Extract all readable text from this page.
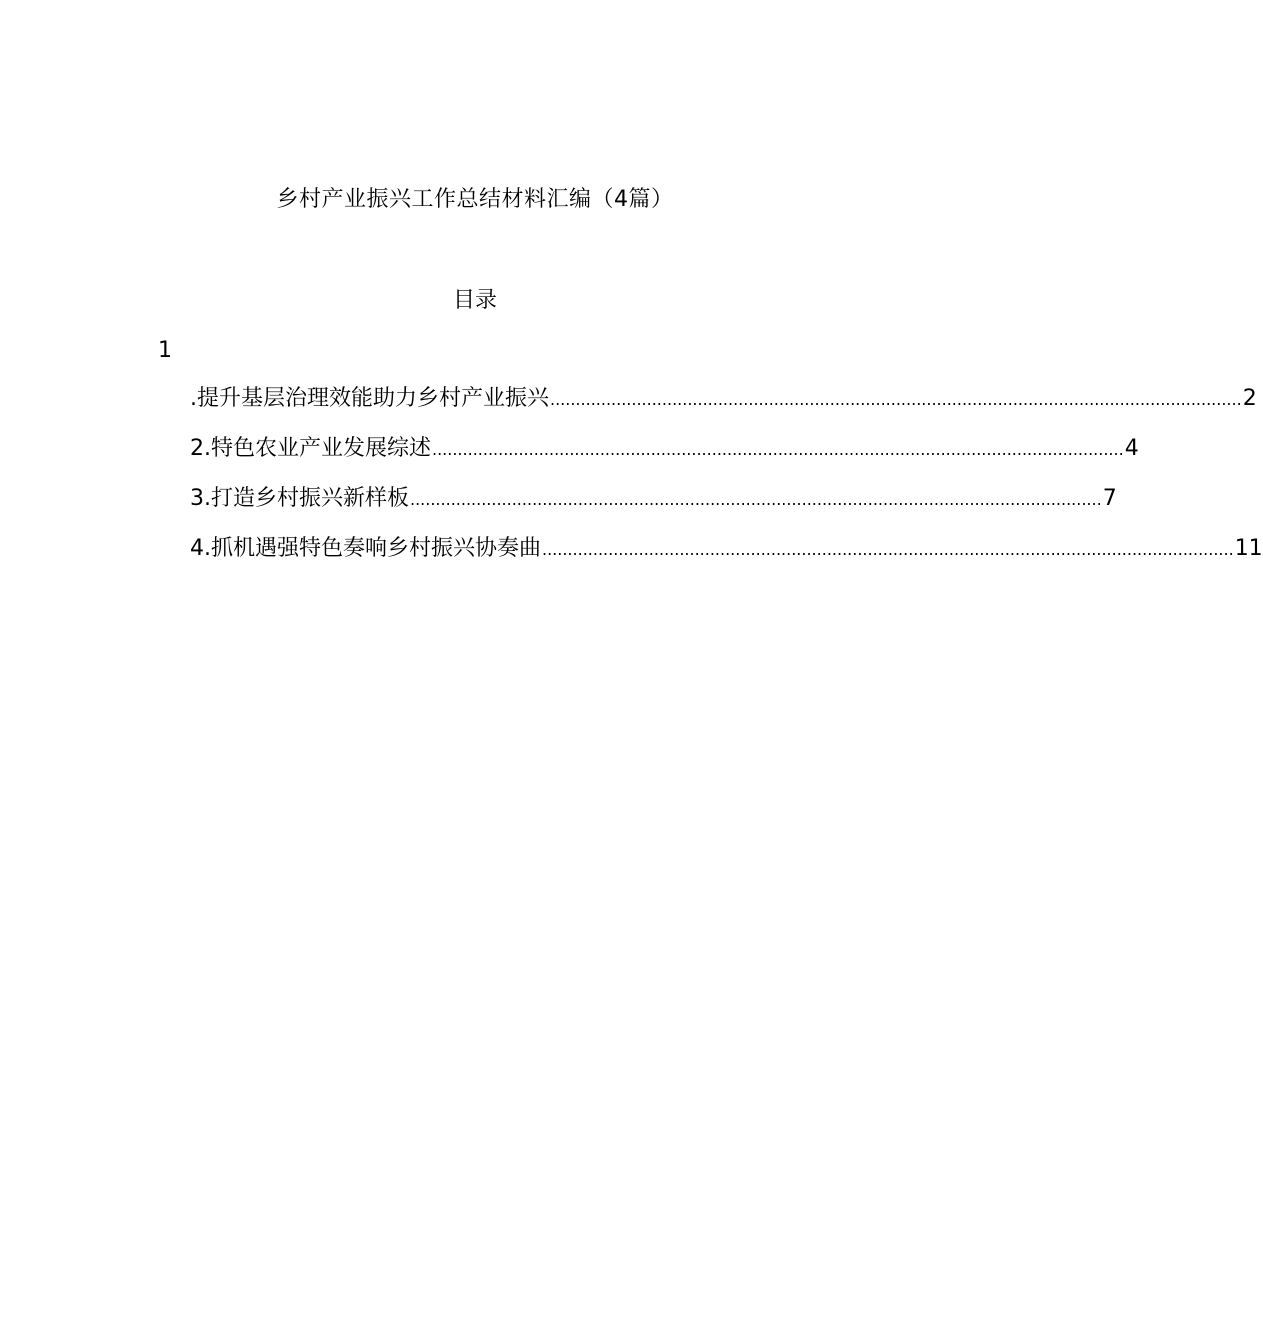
乡村产业振兴工作总结材料汇编（4篇）
目录
1
.提升基层治理效能助力乡村产业振兴 ........................................................................................................................................ 2
2.特色农业产业发展综述 ........................................................................................................................................ 4
3.打造乡村振兴新样板 ........................................................................................................................................ 7
4.抓机遇强特色奏响乡村振兴协奏曲 ........................................................................................................................................ 11
